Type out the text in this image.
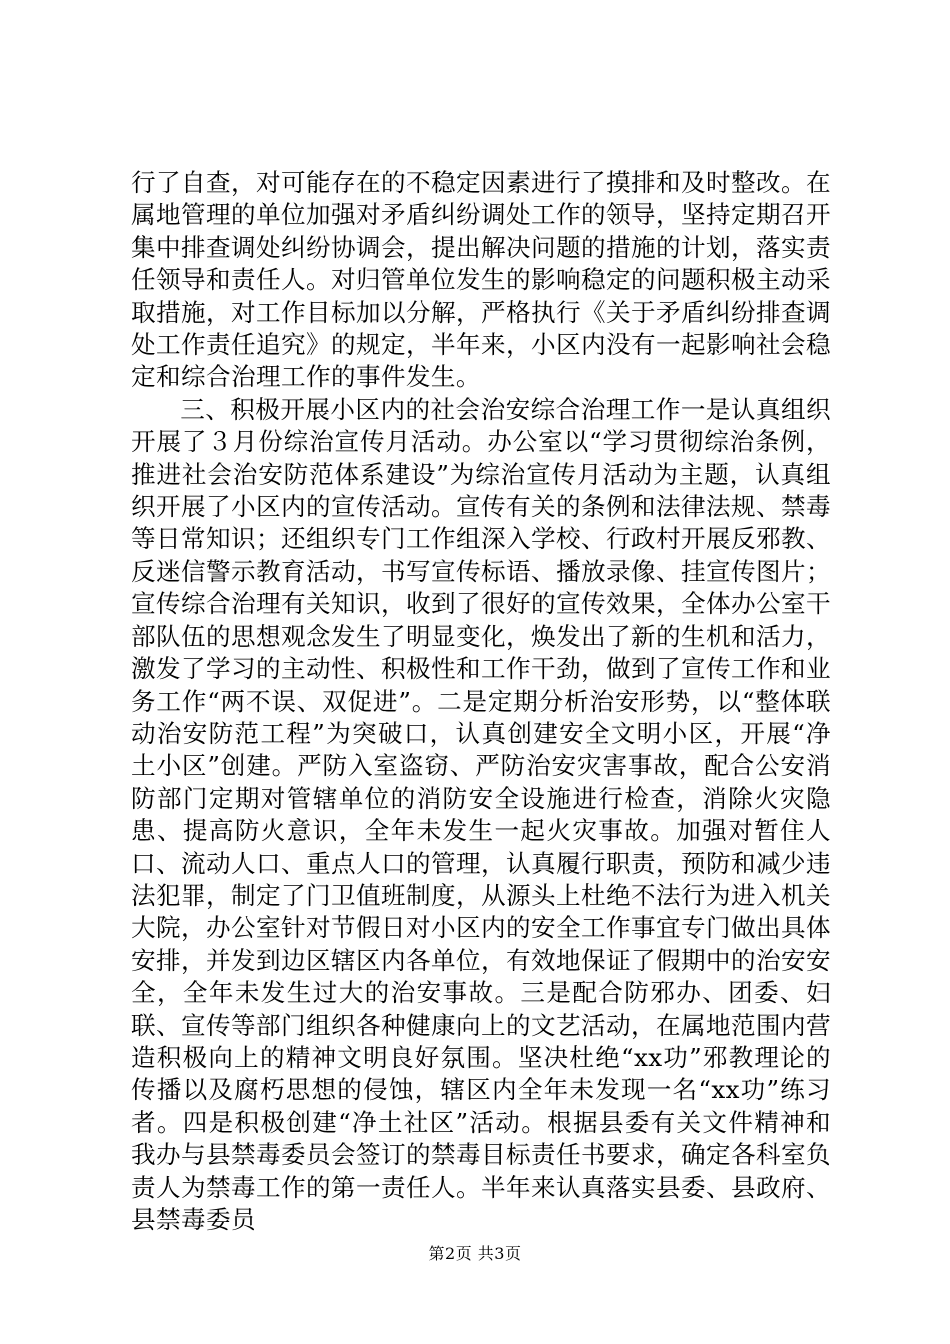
行了自查，对可能存在的不稳定因素进行了摸排和及时整改。在属地管理的单位加强对矛盾纠纷调处工作的领导，坚持定期召开集中排查调处纠纷协调会，提出解决问题的措施的计划，落实责任领导和责任人。对归管单位发生的影响稳定的问题积极主动采取措施，对工作目标加以分解，严格执行《关于矛盾纠纷排查调处工作责任追究》的规定，半年来，小区内没有一起影响社会稳定和综合治理工作的事件发生。

三、积极开展小区内的社会治安综合治理工作一是认真组织开展了３月份综治宣传月活动。办公室以“学习贯彻综治条例，推进社会治安防范体系建设”为综治宣传月活动为主题，认真组织开展了小区内的宣传活动。宣传有关的条例和法律法规、禁毒等日常知识；还组织专门工作组深入学校、行政村开展反邪教、反迷信警示教育活动，书写宣传标语、播放录像、挂宣传图片；宣传综合治理有关知识，收到了很好的宣传效果，全体办公室干部队伍的思想观念发生了明显变化，焕发出了新的生机和活力，激发了学习的主动性、积极性和工作干劲，做到了宣传工作和业务工作“两不误、双促进”。二是定期分析治安形势，以“整体联动治安防范工程”为突破口，认真创建安全文明小区，开展“净土小区”创建。严防入室盗窃、严防治安灾害事故，配合公安消防部门定期对管辖单位的消防安全设施进行检查，消除火灾隐患、提高防火意识，全年未发生一起火灾事故。加强对暂住人口、流动人口、重点人口的管理，认真履行职责，预防和减少违法犯罪，制定了门卫值班制度，从源头上杜绝不法行为进入机关大院，办公室针对节假日对小区内的安全工作事宜专门做出具体安排，并发到边区辖区内各单位，有效地保证了假期中的治安安全，全年未发生过大的治安事故。三是配合防邪办、团委、妇联、宣传等部门组织各种健康向上的文艺活动，在属地范围内营造积极向上的精神文明良好氛围。坚决杜绝“xx功”邪教理论的传播以及腐朽思想的侵蚀，辖区内全年未发现一名“xx功”练习者。四是积极创建“净土社区”活动。根据县委有关文件精神和我办与县禁毒委员会签订的禁毒目标责任书要求，确定各科室负责人为禁毒工作的第一责任人。半年来认真落实县委、县政府、县禁毒委员

第2页 共3页
